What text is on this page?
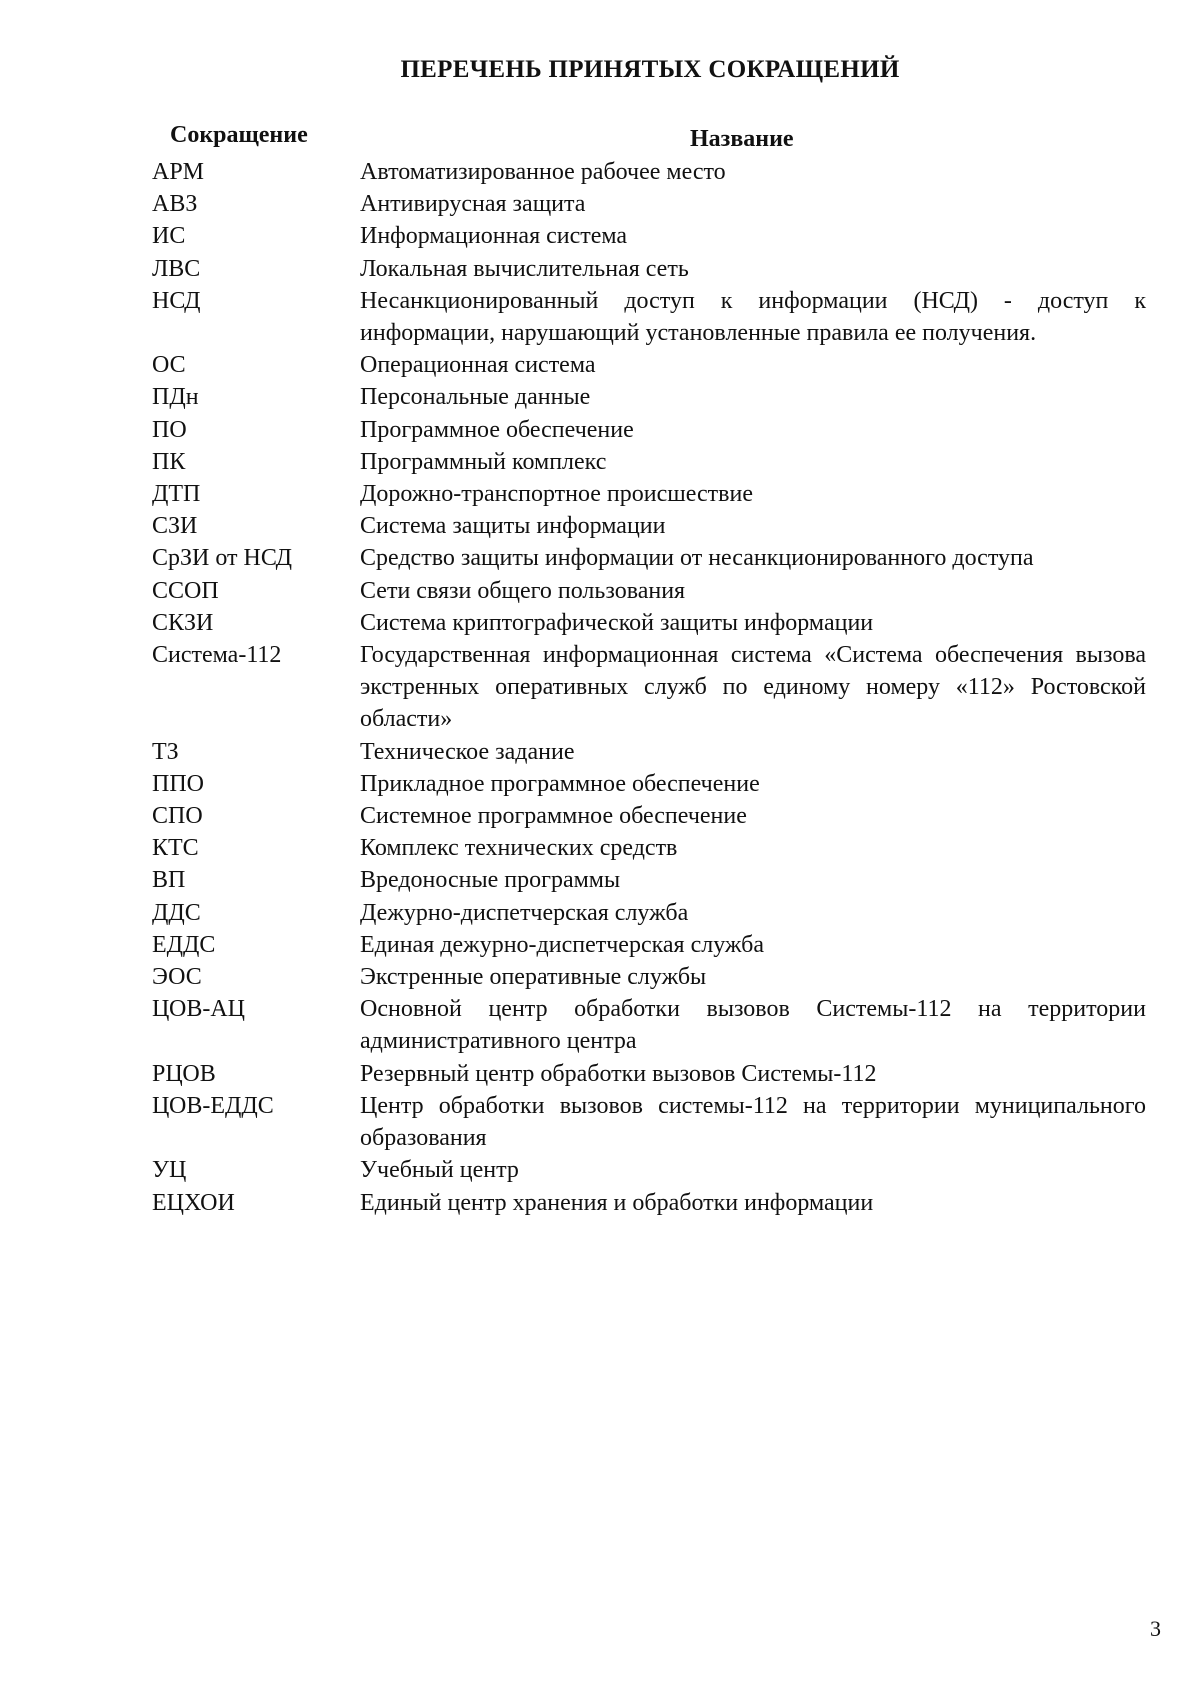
ПЕРЕЧЕНЬ ПРИНЯТЫХ СОКРАЩЕНИЙ
Сокращение	Название
АРМ	Автоматизированное рабочее место
АВЗ	Антивирусная защита
ИС	Информационная система
ЛВС	Локальная вычислительная сеть
НСД	Несанкционированный доступ к информации (НСД) - доступ к информации, нарушающий установленные правила ее получения.
ОС	Операционная система
ПДн	Персональные данные
ПО	Программное обеспечение
ПК	Программный комплекс
ДТП	Дорожно-транспортное происшествие
СЗИ	Система защиты информации
СрЗИ от НСД	Средство защиты информации от несанкционированного доступа
ССОП	Сети связи общего пользования
СКЗИ	Система криптографической защиты информации
Система-112	Государственная информационная система «Система обеспечения вызова экстренных оперативных служб по единому номеру «112» Ростовской области»
ТЗ	Техническое задание
ППО	Прикладное программное обеспечение
СПО	Системное программное обеспечение
КТС	Комплекс технических средств
ВП	Вредоносные программы
ДДС	Дежурно-диспетчерская служба
ЕДДС	Единая дежурно-диспетчерская служба
ЭОС	Экстренные оперативные службы
ЦОВ-АЦ	Основной центр обработки вызовов Системы-112 на территории административного центра
РЦОВ	Резервный центр обработки вызовов Системы-112
ЦОВ-ЕДДС	Центр обработки вызовов системы-112 на территории муниципального образования
УЦ	Учебный центр
ЕЦХОИ	Единый центр хранения и обработки информации
3
